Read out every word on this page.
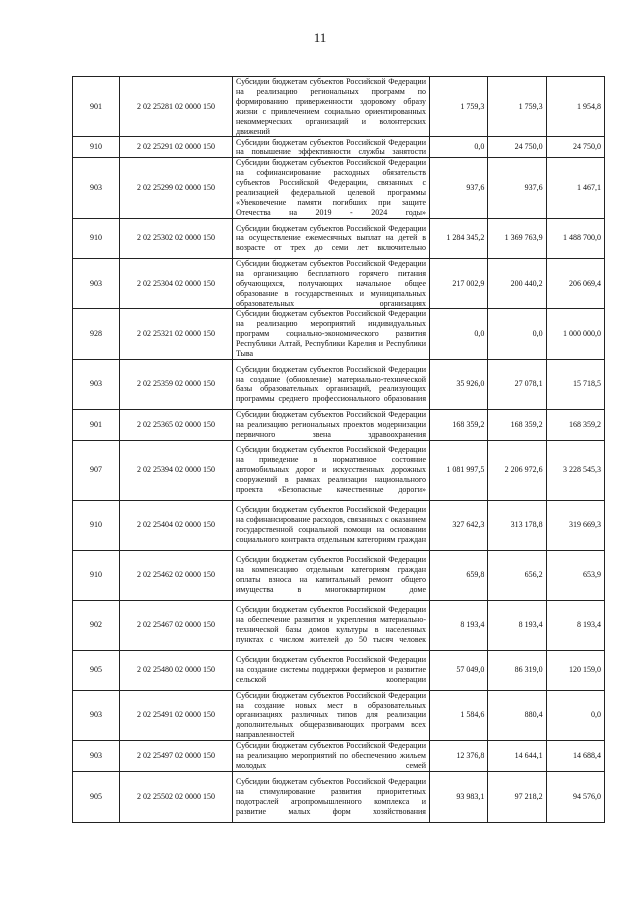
11
901	2 02 25281 02 0000 150	Субсидии бюджетам субъектов Российской Федерации на реализацию региональных программ по формированию приверженности здоровому образу жизни с привлечением социально ориентированных некоммерческих организаций и волонтерских движений	1 759,3	1 759,3	1 954,8
910	2 02 25291 02 0000 150	Субсидии бюджетам субъектов Российской Федерации на повышение эффективности службы занятости	0,0	24 750,0	24 750,0
903	2 02 25299 02 0000 150	Субсидии бюджетам субъектов Российской Федерации на софинансирование расходных обязательств субъектов Российской Федерации, связанных с реализацией федеральной целевой программы «Увековечение памяти погибших при защите Отечества на 2019 - 2024 годы»	937,6	937,6	1 467,1
910	2 02 25302 02 0000 150	Субсидии бюджетам субъектов Российской Федерации на осуществление ежемесячных выплат на детей в возрасте от трех до семи лет включительно	1 284 345,2	1 369 763,9	1 488 700,0
903	2 02 25304 02 0000 150	Субсидии бюджетам субъектов Российской Федерации на организацию бесплатного горячего питания обучающихся, получающих начальное общее образование в государственных и муниципальных образовательных организациях	217 002,9	200 440,2	206 069,4
928	2 02 25321 02 0000 150	Субсидии бюджетам субъектов Российской Федерации на реализацию мероприятий индивидуальных программ социально-экономического развития Республики Алтай, Республики Карелия и Республики Тыва	0,0	0,0	1 000 000,0
903	2 02 25359 02 0000 150	Субсидии бюджетам субъектов Российской Федерации на создание (обновление) материально-технической базы образовательных организаций, реализующих программы среднего профессионального образования	35 926,0	27 078,1	15 718,5
901	2 02 25365 02 0000 150	Субсидии бюджетам субъектов Российской Федерации на реализацию региональных проектов модернизации первичного звена здравоохранения	168 359,2	168 359,2	168 359,2
907	2 02 25394 02 0000 150	Субсидии бюджетам субъектов Российской Федерации на приведение в нормативное состояние автомобильных дорог и искусственных дорожных сооружений в рамках реализации национального проекта «Безопасные качественные дороги»	1 081 997,5	2 206 972,6	3 228 545,3
910	2 02 25404 02 0000 150	Субсидии бюджетам субъектов Российской Федерации на софинансирование расходов, связанных с оказанием государственной социальной помощи на основании социального контракта отдельным категориям граждан	327 642,3	313 178,8	319 669,3
910	2 02 25462 02 0000 150	Субсидии бюджетам субъектов Российской Федерации на компенсацию отдельным категориям граждан оплаты взноса на капитальный ремонт общего имущества в многоквартирном доме	659,8	656,2	653,9
902	2 02 25467 02 0000 150	Субсидии бюджетам субъектов Российской Федерации на обеспечение развития и укрепления материально-технической базы домов культуры в населенных пунктах с числом жителей до 50 тысяч человек	8 193,4	8 193,4	8 193,4
905	2 02 25480 02 0000 150	Субсидии бюджетам субъектов Российской Федерации на создание системы поддержки фермеров и развитие сельской кооперации	57 049,0	86 319,0	120 159,0
903	2 02 25491 02 0000 150	Субсидии бюджетам субъектов Российской Федерации на создание новых мест в образовательных организациях различных типов для реализации дополнительных общеразвивающих программ всех направленностей	1 584,6	880,4	0,0
903	2 02 25497 02 0000 150	Субсидии бюджетам субъектов Российской Федерации на реализацию мероприятий по обеспечению жильем молодых семей	12 376,8	14 644,1	14 688,4
905	2 02 25502 02 0000 150	Субсидии бюджетам субъектов Российской Федерации на стимулирование развития приоритетных подотраслей агропромышленного комплекса и развитие малых форм хозяйствования	93 983,1	97 218,2	94 576,0
